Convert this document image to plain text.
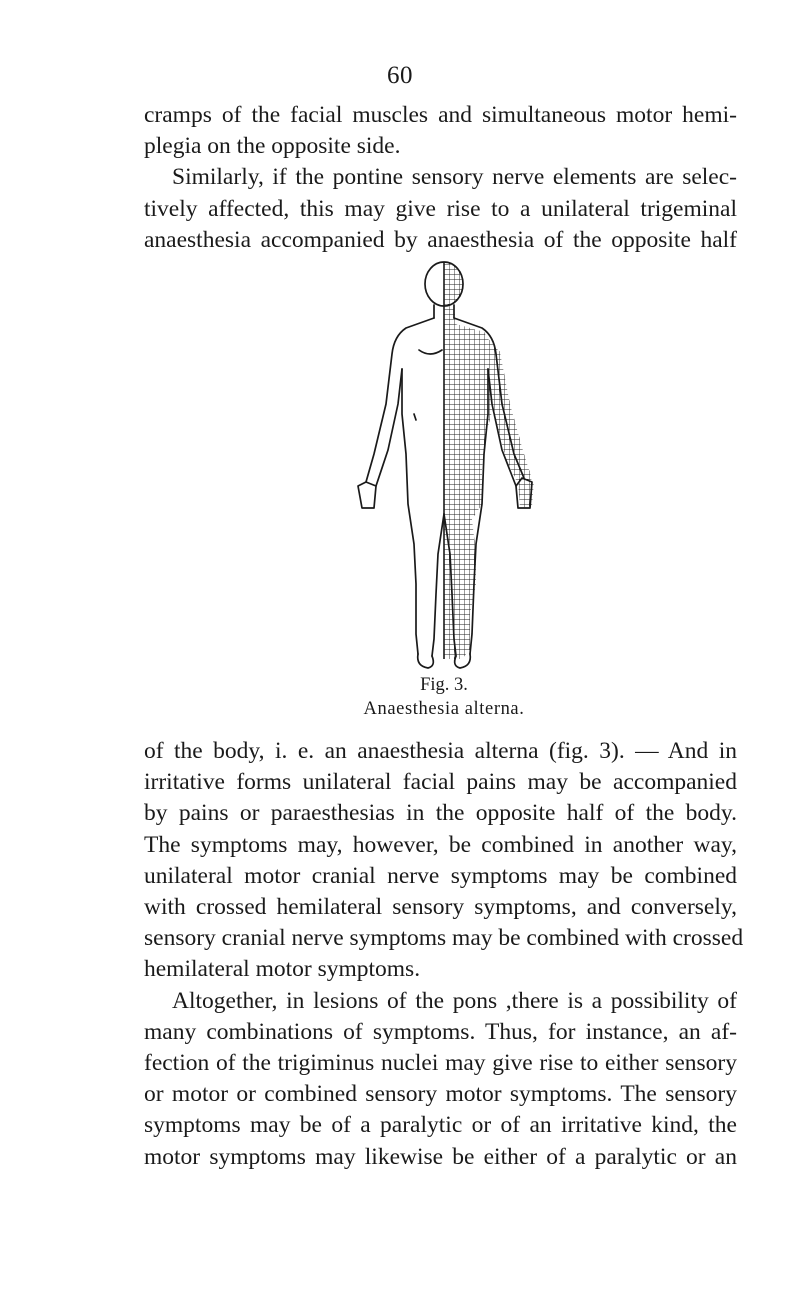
60
cramps of the facial muscles and simultaneous motor hemi-
plegia on the opposite side.
Similarly, if the pontine sensory nerve elements are selec-
tively affected, this may give rise to a unilateral trigeminal
anaesthesia accompanied by anaesthesia of the opposite half
Fig. 3.
Anaesthesia alterna.
of the body, i. e. an anaesthesia alterna (fig. 3). — And in
irritative forms unilateral facial pains may be accompanied
by pains or paraesthesias in the opposite half of the body.
The symptoms may, however, be combined in another way,
unilateral motor cranial nerve symptoms may be combined
with crossed hemilateral sensory symptoms, and conversely,
sensory cranial nerve symptoms may be combined with crossed
hemilateral motor symptoms.
Altogether, in lesions of the pons ,there is a possibility of
many combinations of symptoms. Thus, for instance, an af-
fection of the trigiminus nuclei may give rise to either sensory
or motor or combined sensory motor symptoms. The sensory
symptoms may be of a paralytic or of an irritative kind, the
motor symptoms may likewise be either of a paralytic or an
